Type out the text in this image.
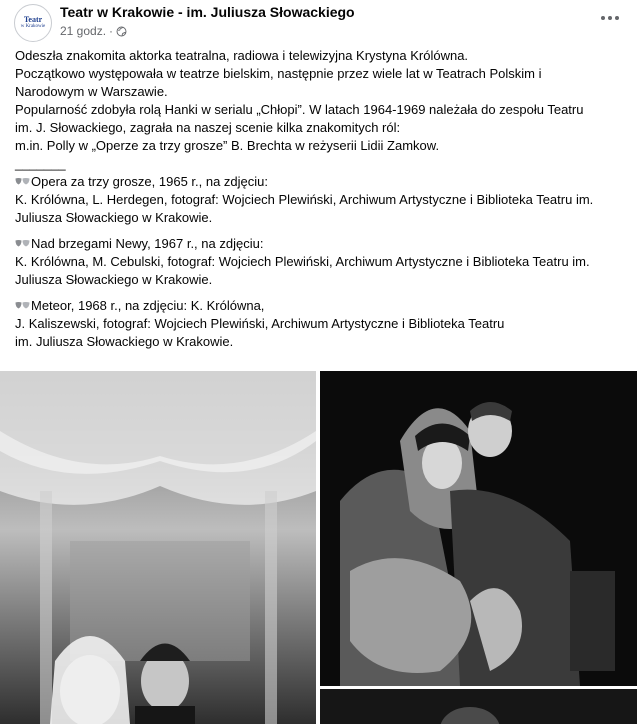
Teatr
w Krakowie
Teatr w Krakowie - im. Juliusza Słowackiego
21 godz. ·

Odeszła znakomita aktorka teatralna, radiowa i telewizyjna Krystyna Królówna.

Początkowo występowała w teatrze bielskim, następnie przez wiele lat w Teatrach Polskim i

Narodowym w Warszawie.

Popularność zdobyła rolą Hanki w serialu „Chłopi”. W latach 1964-1969 należała do zespołu Teatru

im. J. Słowackiego, zagrała na naszej scenie kilka znakomitych ról:

m.in. Polly w „Operze za trzy grosze” B. Brechta w reżyserii Lidii Zamkow.

_______

Opera za trzy grosze, 1965 r., na zdjęciu:

K. Królówna, L. Herdegen, fotograf: Wojciech Plewiński, Archiwum Artystyczne i Biblioteka Teatru im.

Juliusza Słowackiego w Krakowie.

Nad brzegami Newy, 1967 r., na zdjęciu:

K. Królówna, M. Cebulski, fotograf: Wojciech Plewiński, Archiwum Artystyczne i Biblioteka Teatru im.

Juliusza Słowackiego w Krakowie.

Meteor, 1968 r., na zdjęciu: K. Królówna,

J. Kaliszewski, fotograf: Wojciech Plewiński, Archiwum Artystyczne i Biblioteka Teatru

im. Juliusza Słowackiego w Krakowie.
